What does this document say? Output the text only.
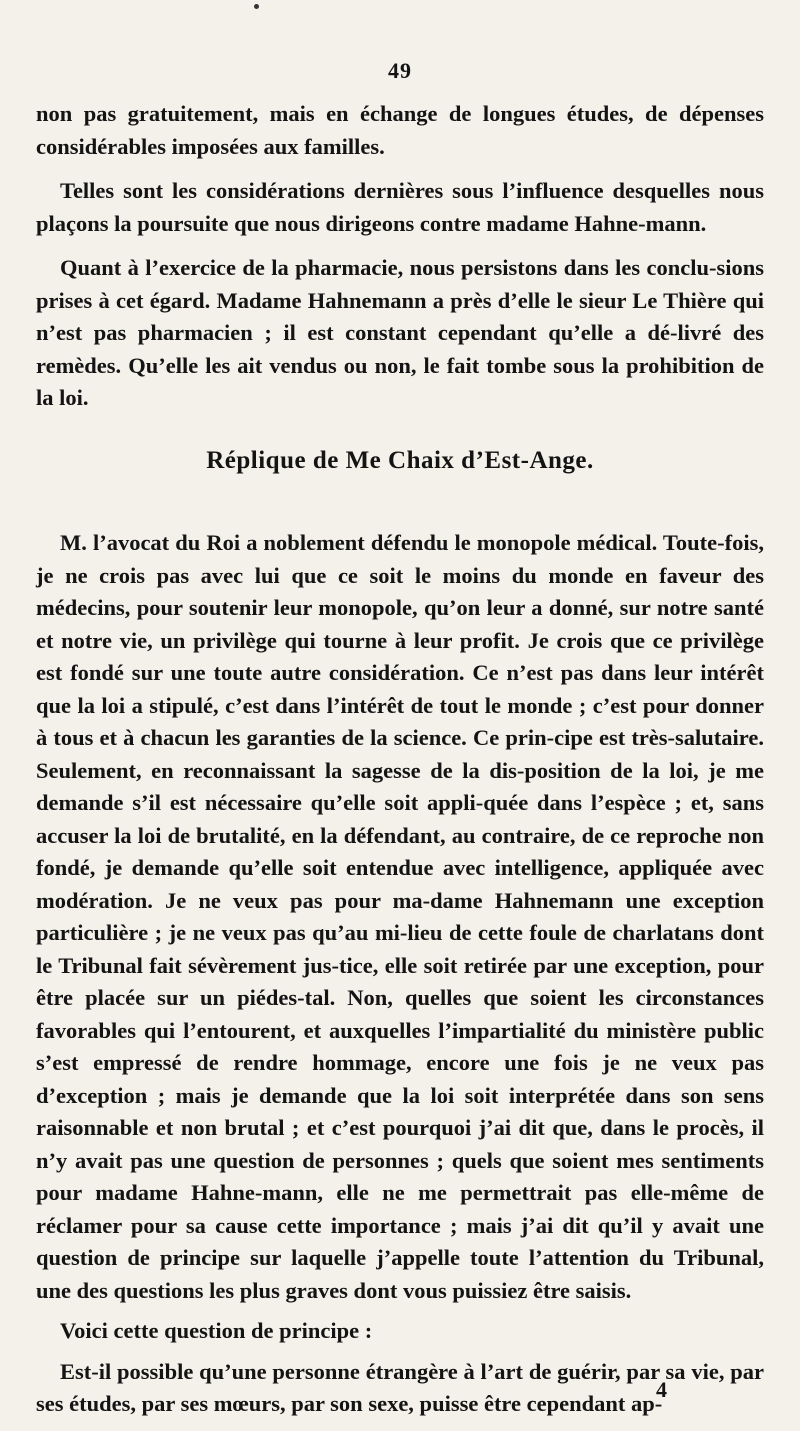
49

non pas gratuitement, mais en échange de longues études, de dépenses considérables imposées aux familles.

Telles sont les considérations dernières sous l’influence desquelles nous plaçons la poursuite que nous dirigeons contre madame Hahne-mann.

Quant à l’exercice de la pharmacie, nous persistons dans les conclu-sions prises à cet égard. Madame Hahnemann a près d’elle le sieur Le Thière qui n’est pas pharmacien ; il est constant cependant qu’elle a dé-livré des remèdes. Qu’elle les ait vendus ou non, le fait tombe sous la prohibition de la loi.

Réplique de Me Chaix d’Est-Ange.

M. l’avocat du Roi a noblement défendu le monopole médical. Toute-fois, je ne crois pas avec lui que ce soit le moins du monde en faveur des médecins, pour soutenir leur monopole, qu’on leur a donné, sur notre santé et notre vie, un privilège qui tourne à leur profit. Je crois que ce privilège est fondé sur une toute autre considération. Ce n’est pas dans leur intérêt que la loi a stipulé, c’est dans l’intérêt de tout le monde ; c’est pour donner à tous et à chacun les garanties de la science. Ce prin-cipe est très-salutaire. Seulement, en reconnaissant la sagesse de la dis-position de la loi, je me demande s’il est nécessaire qu’elle soit appli-quée dans l’espèce ; et, sans accuser la loi de brutalité, en la défendant, au contraire, de ce reproche non fondé, je demande qu’elle soit entendue avec intelligence, appliquée avec modération. Je ne veux pas pour ma-dame Hahnemann une exception particulière ; je ne veux pas qu’au mi-lieu de cette foule de charlatans dont le Tribunal fait sévèrement jus-tice, elle soit retirée par une exception, pour être placée sur un piédes-tal. Non, quelles que soient les circonstances favorables qui l’entourent, et auxquelles l’impartialité du ministère public s’est empressé de rendre hommage, encore une fois je ne veux pas d’exception ; mais je demande que la loi soit interprétée dans son sens raisonnable et non brutal ; et c’est pourquoi j’ai dit que, dans le procès, il n’y avait pas une question de personnes ; quels que soient mes sentiments pour madame Hahne-mann, elle ne me permettrait pas elle-même de réclamer pour sa cause cette importance ; mais j’ai dit qu’il y avait une question de principe sur laquelle j’appelle toute l’attention du Tribunal, une des questions les plus graves dont vous puissiez être saisis.

Voici cette question de principe :

Est-il possible qu’une personne étrangère à l’art de guérir, par sa vie, par ses études, par ses mœurs, par son sexe, puisse être cependant ap-

4
